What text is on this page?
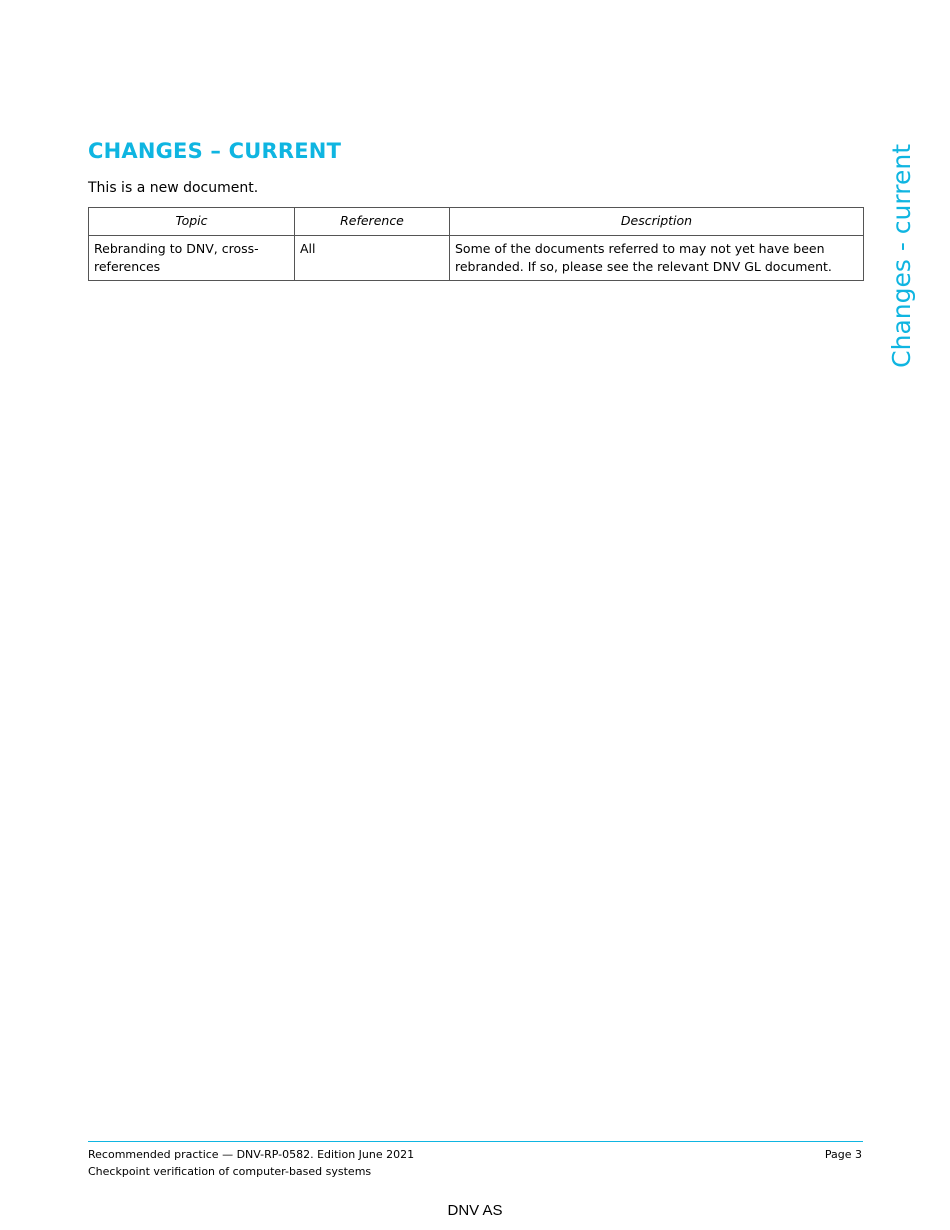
CHANGES – CURRENT

This is a new document.

Topic	Reference	Description
Rebranding to DNV, cross-references	All	Some of the documents referred to may not yet have been rebranded. If so, please see the relevant DNV GL document. Changes - current
Recommended practice — DNV-RP-0582. Edition June 2021
Checkpoint verification of computer-based systems
Page 3
DNV AS
